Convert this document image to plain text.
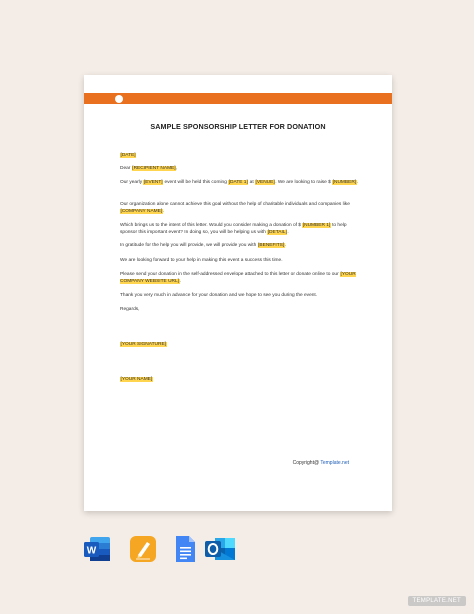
SAMPLE SPONSORSHIP LETTER FOR DONATION
[DATE]
Dear [RECIPIENT NAME],
Our yearly [EVENT] event will be held this coming [DATE 1] at [VENUE]. We are looking to raise $ [NUMBER].
Our organization alone cannot achieve this goal without the help of charitable individuals and companies like [COMPANY NAME].
Which brings us to the intent of this letter. Would you consider making a donation of $ [NUMBER 1] to help sponsor this important event? In doing so, you will be helping us with [DETAIL].
In gratitude for the help you will provide, we will provide you with [BENEFITS].
We are looking forward to your help in making this event a success this time.
Please send your donation in the self-addressed envelope attached to this letter or donate online to our [YOUR COMPANY WEBSITE URL].
Thank you very much in advance for your donation and we hope to see you during the event.
Regards,
[YOUR SIGNATURE]
[YOUR NAME]
Copyright@ Template.net
W
TEMPLATE.NET
